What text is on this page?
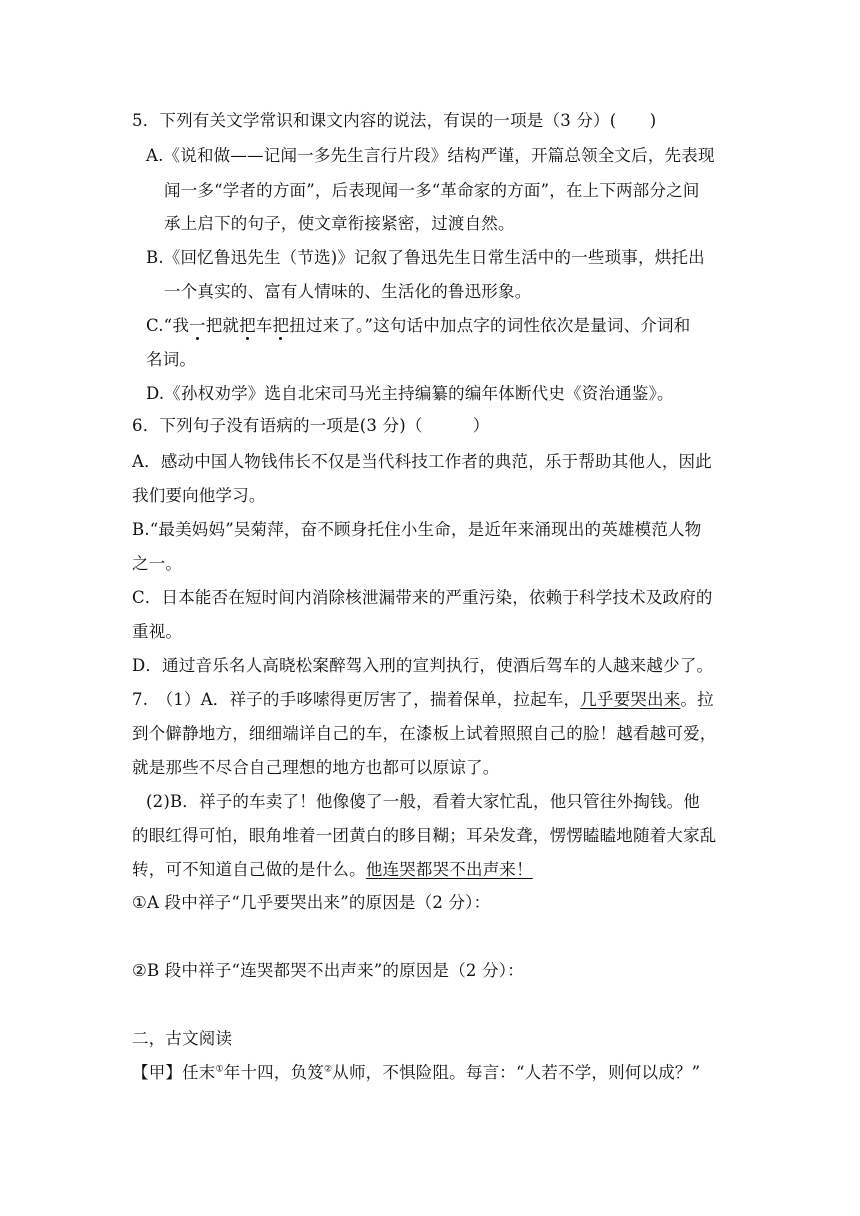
5．下列有关文学常识和课文内容的说法，有误的一项是（3 分）(　　)
A.《说和做——记闻一多先生言行片段》结构严谨，开篇总领全文后，先表现
闻一多“学者的方面”，后表现闻一多“革命家的方面”，在上下两部分之间
承上启下的句子，使文章衔接紧密，过渡自然。
B.《回忆鲁迅先生（节选)》记叙了鲁迅先生日常生活中的一些琐事，烘托出
一个真实的、富有人情味的、生活化的鲁迅形象。
C.“我一把就把车把扭过来了。”这句话中加点字的词性依次是量词、介词和
名词。
D.《孙权劝学》选自北宋司马光主持编纂的编年体断代史《资治通鉴》。
6．下列句子没有语病的一项是(3 分)（　　　）
A．感动中国人物钱伟长不仅是当代科技工作者的典范，乐于帮助其他人，因此
我们要向他学习。
B.“最美妈妈”吴菊萍，奋不顾身托住小生命，是近年来涌现出的英雄模范人物
之一。
C．日本能否在短时间内消除核泄漏带来的严重污染，依赖于科学技术及政府的
重视。
D．通过音乐名人高晓松案醉驾入刑的宣判执行，使酒后驾车的人越来越少了。
7.　（1）A．祥子的手哆嗦得更厉害了，揣着保单，拉起车，几乎要哭出来。拉
到个僻静地方，细细端详自己的车，在漆板上试着照照自己的脸！越看越可爱，
就是那些不尽合自己理想的地方也都可以原谅了。
(2)B．祥子的车卖了！他像傻了一般，看着大家忙乱，他只管往外掏钱。他
的眼红得可怕，眼角堆着一团黄白的眵目糊；耳朵发聋，愣愣瞌瞌地随着大家乱
转，可不知道自己做的是什么。他连哭都哭不出声来！
①A 段中祥子“几乎要哭出来”的原因是（2 分）：
②B 段中祥子“连哭都哭不出声来”的原因是（2 分）：
二，古文阅读
【甲】任末①年十四，负笈②从师，不惧险阻。每言：“人若不学，则何以成？”
